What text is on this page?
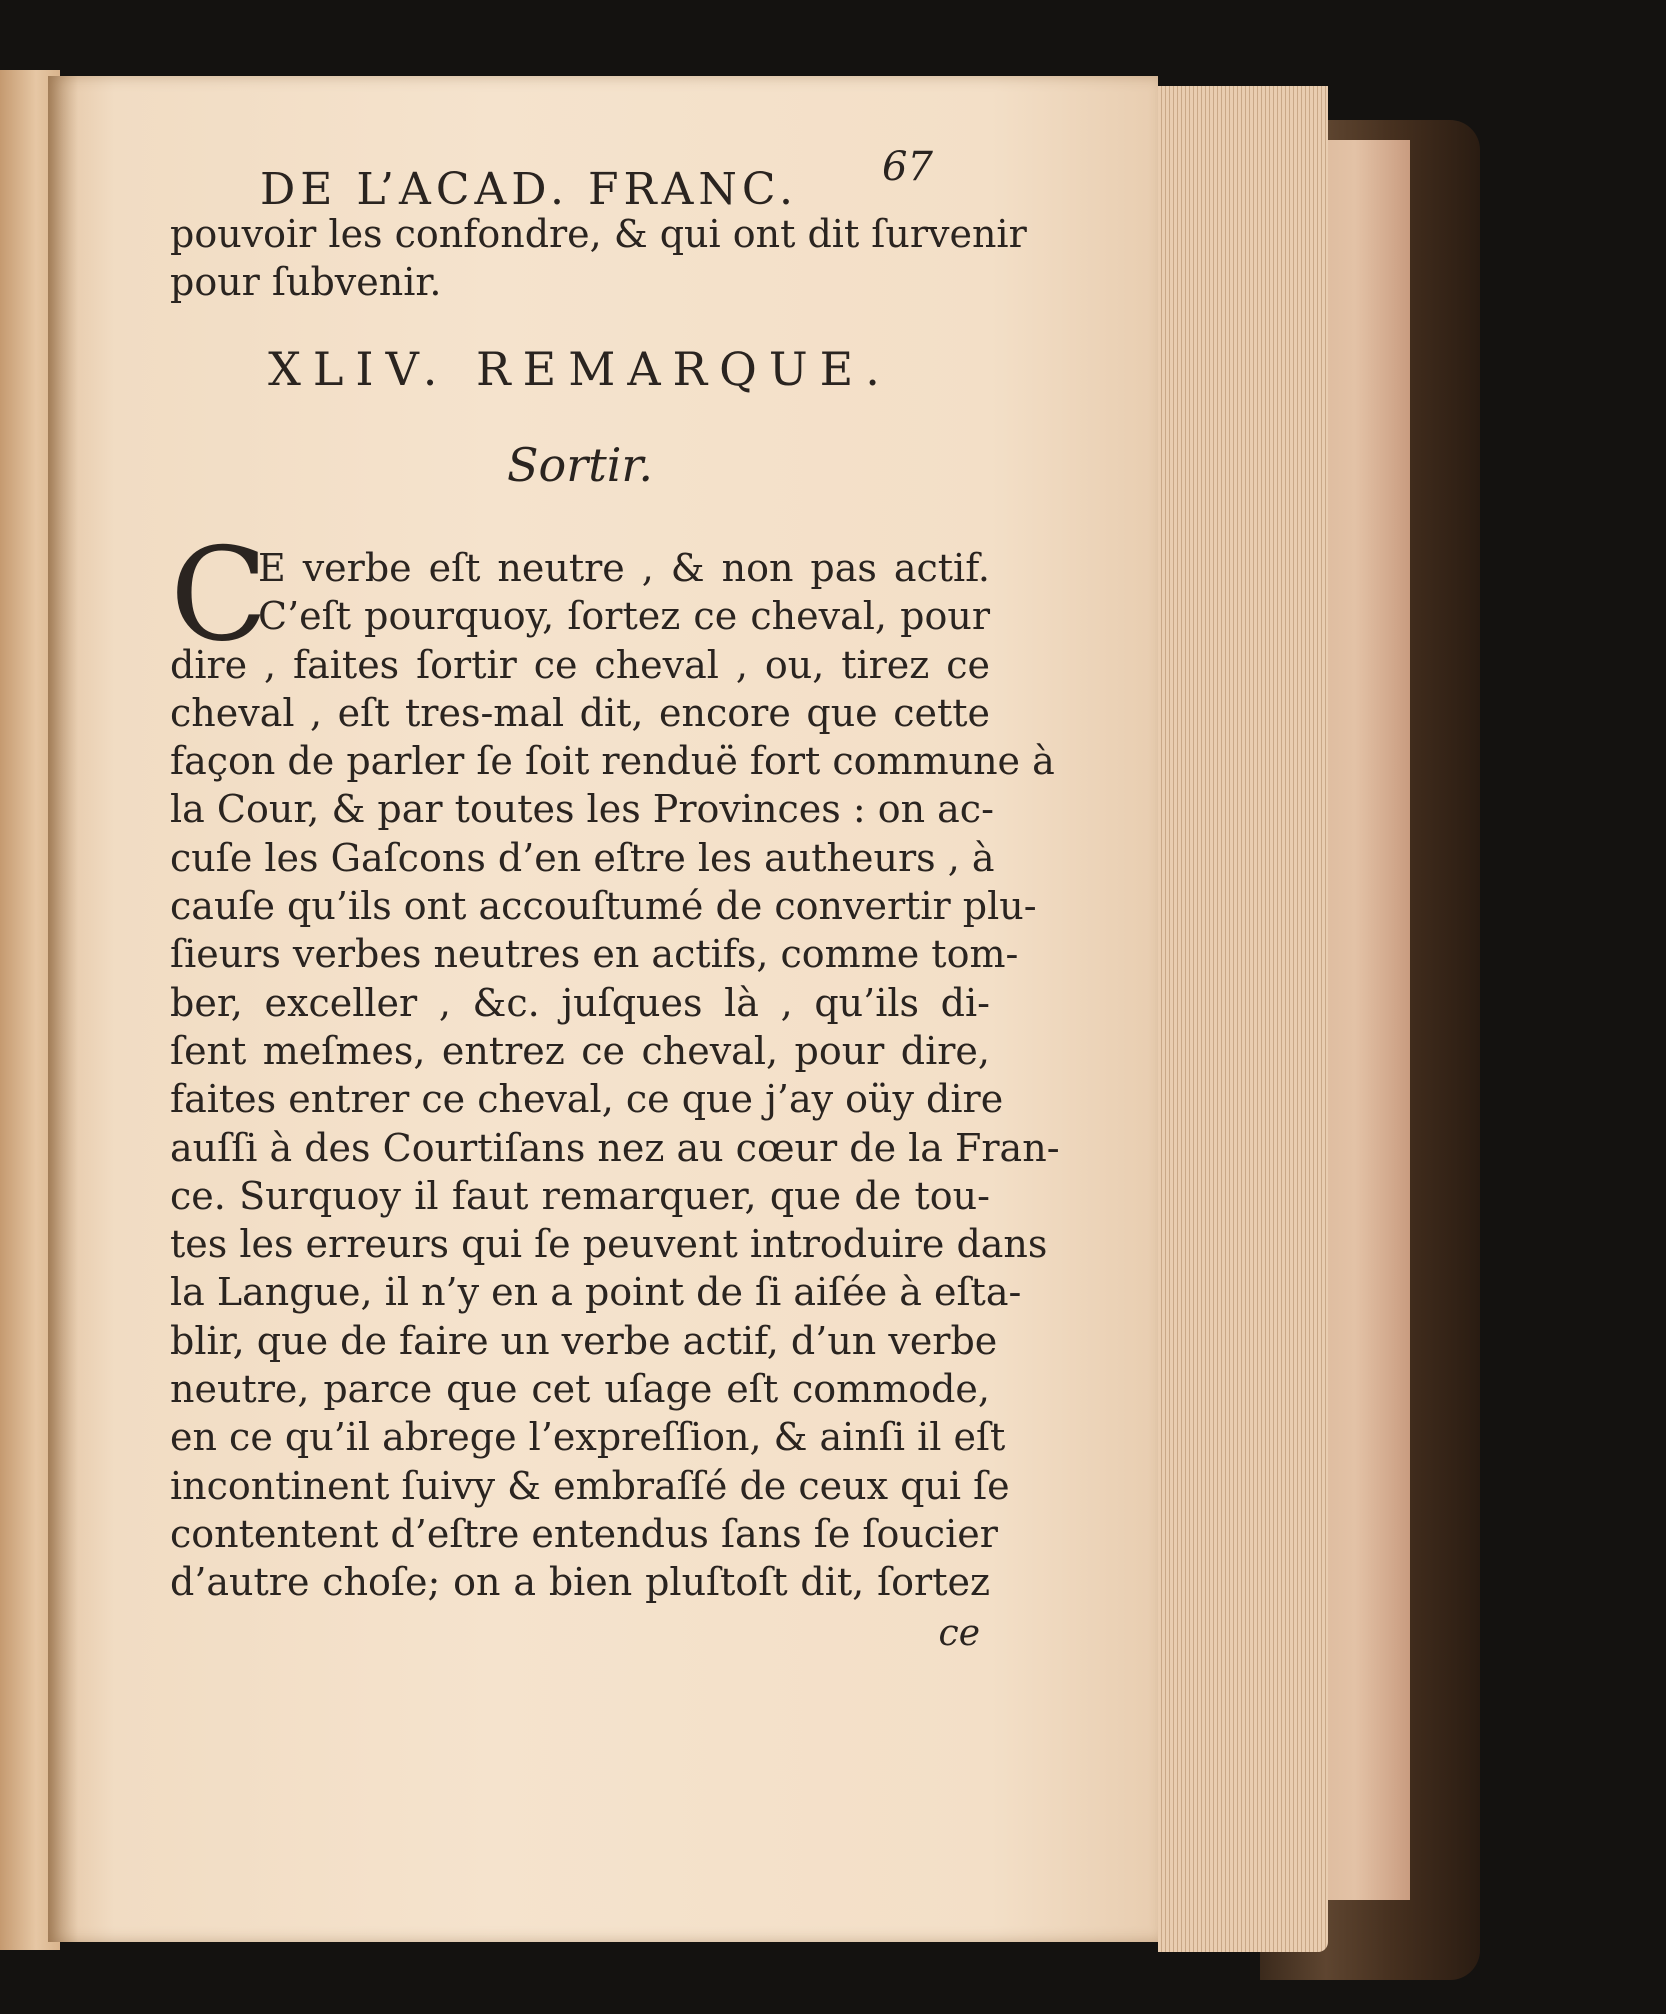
DE L’ACAD. FRANC. 67
pouvoir les confondre, & qui ont dit ſurvenir
pour ſubvenir.
XLIV. REMARQUE.
Sortir.
C
E verbe eſt neutre , & non pas actif.
C’eſt pourquoy, ſortez ce cheval, pour
dire , faites ſortir ce cheval , ou, tirez ce
cheval , eſt tres-mal dit, encore que cette
façon de parler ſe ſoit renduë fort commune à
la Cour, & par toutes les Provinces : on ac-
cuſe les Gaſcons d’en eſtre les autheurs , à
cauſe qu’ils ont accouſtumé de convertir plu-
ſieurs verbes neutres en actifs, comme tom-
ber, exceller , &c. juſques là , qu’ils di-
ſent meſmes, entrez ce cheval, pour dire,
faites entrer ce cheval, ce que j’ay oüy dire
auſſi à des Courtiſans nez au cœur de la Fran-
ce. Surquoy il faut remarquer, que de tou-
tes les erreurs qui ſe peuvent introduire dans
la Langue, il n’y en a point de ſi aiſée à eſta-
blir, que de faire un verbe actif, d’un verbe
neutre, parce que cet uſage eſt commode,
en ce qu’il abrege l’expreſſion, & ainſi il eſt
incontinent ſuivy & embraſſé de ceux qui ſe
contentent d’eſtre entendus ſans ſe ſoucier
d’autre choſe; on a bien pluſtoſt dit, ſortez
ce
